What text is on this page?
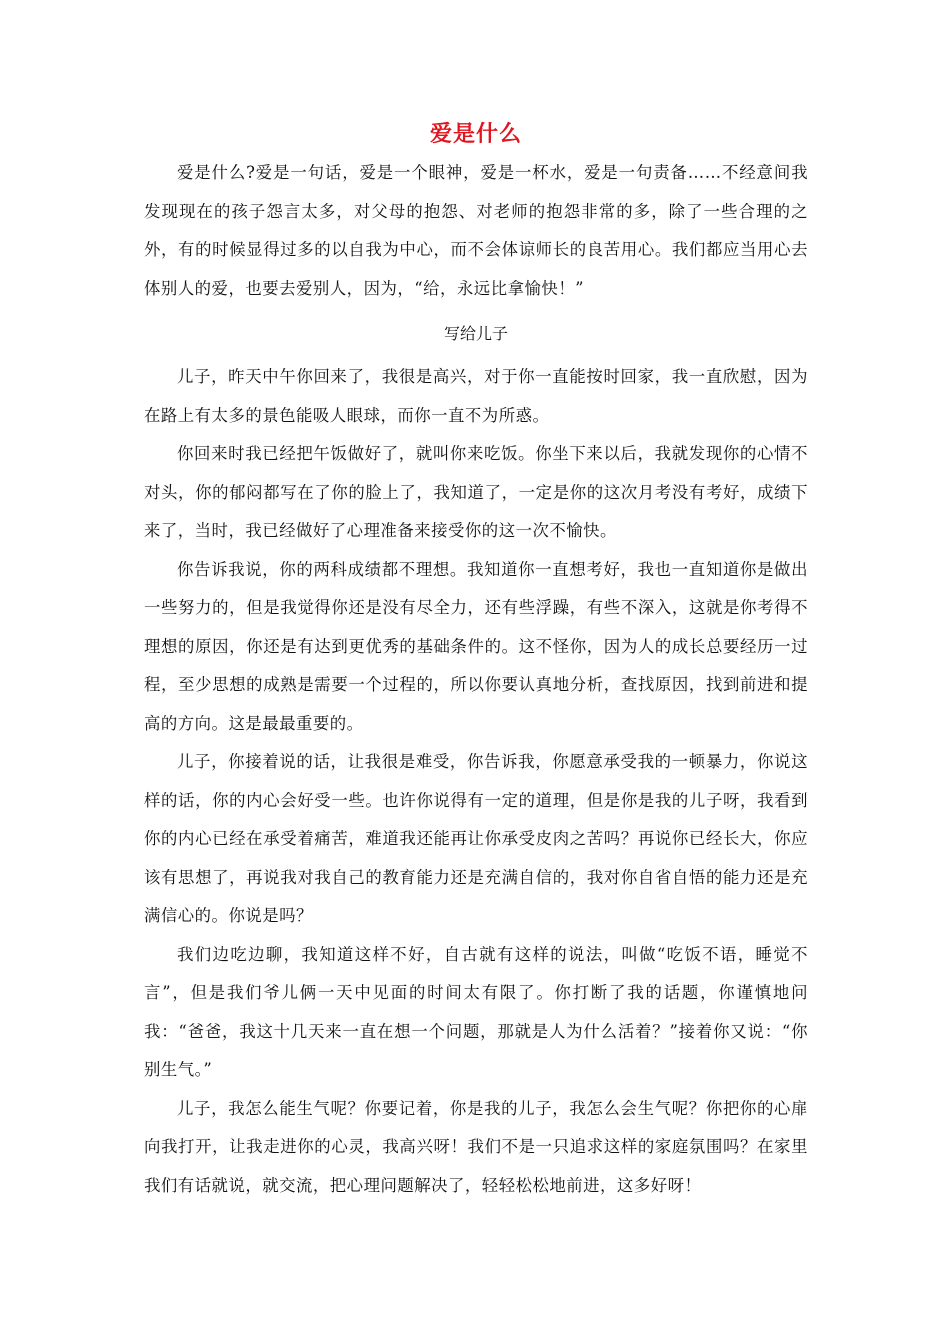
爱是什么

爱是什么?爱是一句话，爱是一个眼神，爱是一杯水，爱是一句责备……不经意间我发现现在的孩子怨言太多，对父母的抱怨、对老师的抱怨非常的多，除了一些合理的之外，有的时候显得过多的以自我为中心，而不会体谅师长的良苦用心。我们都应当用心去体别人的爱，也要去爱别人，因为，“给，永远比拿愉快！”

写给儿子

儿子，昨天中午你回来了，我很是高兴，对于你一直能按时回家，我一直欣慰，因为在路上有太多的景色能吸人眼球，而你一直不为所惑。

你回来时我已经把午饭做好了，就叫你来吃饭。你坐下来以后，我就发现你的心情不对头，你的郁闷都写在了你的脸上了，我知道了，一定是你的这次月考没有考好，成绩下来了，当时，我已经做好了心理准备来接受你的这一次不愉快。

你告诉我说，你的两科成绩都不理想。我知道你一直想考好，我也一直知道你是做出一些努力的，但是我觉得你还是没有尽全力，还有些浮躁，有些不深入，这就是你考得不理想的原因，你还是有达到更优秀的基础条件的。这不怪你，因为人的成长总要经历一过程，至少思想的成熟是需要一个过程的，所以你要认真地分析，查找原因，找到前进和提高的方向。这是最最重要的。

儿子，你接着说的话，让我很是难受，你告诉我，你愿意承受我的一顿暴力，你说这样的话，你的内心会好受一些。也许你说得有一定的道理，但是你是我的儿子呀，我看到你的内心已经在承受着痛苦，难道我还能再让你承受皮肉之苦吗？再说你已经长大，你应该有思想了，再说我对我自己的教育能力还是充满自信的，我对你自省自悟的能力还是充满信心的。你说是吗？

我们边吃边聊，我知道这样不好，自古就有这样的说法，叫做“吃饭不语，睡觉不言”，但是我们爷儿俩一天中见面的时间太有限了。你打断了我的话题，你谨慎地问我：“爸爸，我这十几天来一直在想一个问题，那就是人为什么活着？”接着你又说：“你别生气。”

儿子，我怎么能生气呢？你要记着，你是我的儿子，我怎么会生气呢？你把你的心扉向我打开，让我走进你的心灵，我高兴呀！我们不是一只追求这样的家庭氛围吗？在家里我们有话就说，就交流，把心理问题解决了，轻轻松松地前进，这多好呀！
